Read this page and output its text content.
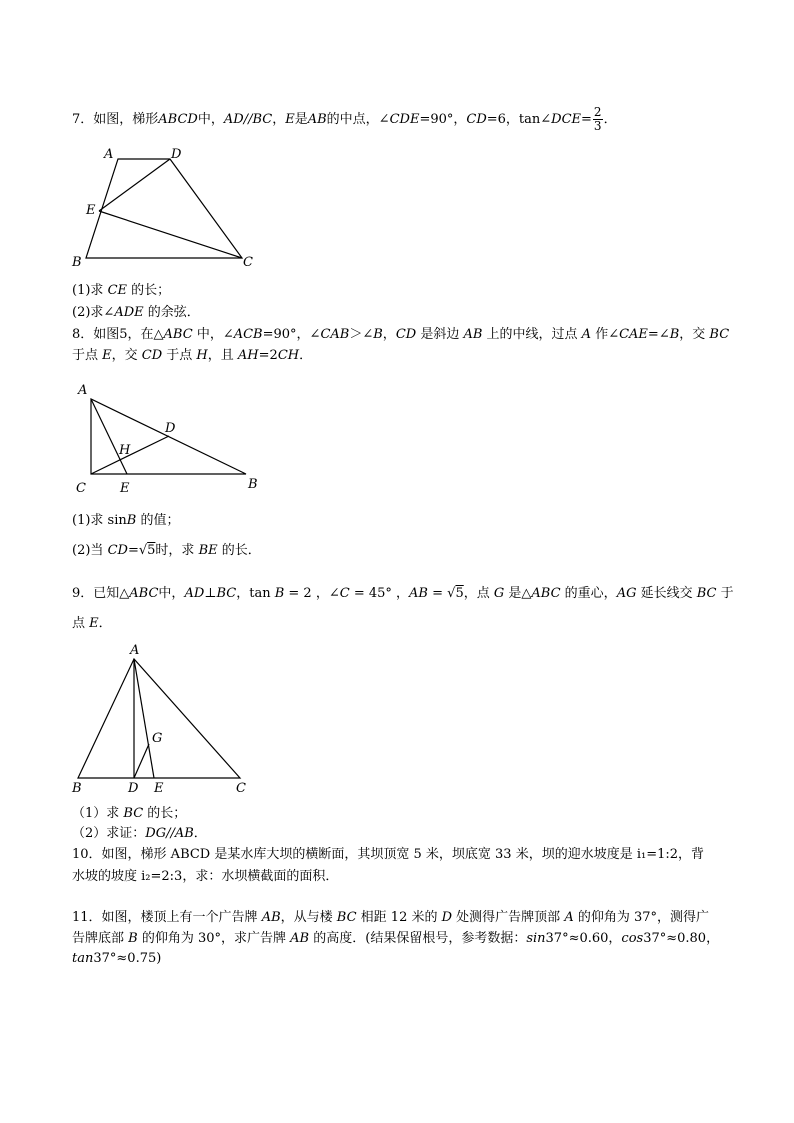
7．如图，梯形ABCD中，AD//BC，E是AB的中点，∠CDE=90°，CD=6，tan∠DCE= $\frac{2}{3}$ ．
A	D
E
B	C
(1)求 CE 的长；
(2)求∠ADE 的余弦．
8．如图5，在△ABC 中，∠ACB=90°，∠CAB＞∠B，CD 是斜边 AB 上的中线，过点 A 作∠CAE=∠B，交 BC
于点 E，交 CD 于点 H，且 AH=2CH．
A
D
H
C	E	B
(1)求 sinB 的值；
(2)当 CD=√5时，求 BE 的长．
9．已知△ABC中，AD⊥BC，tan B = 2 ，∠C = 45° ，AB = √5，点 G 是△ABC 的重心，AG 延长线交 BC 于
点 E．
A
G
B	D E	C
（1）求 BC 的长；
（2）求证：DG//AB．
10．如图，梯形 ABCD 是某水库大坝的横断面，其坝顶宽 5 米，坝底宽 33 米，坝的迎水坡度是 i₁=1:2，背
水坡的坡度 i₂=2:3，求：水坝横截面的面积．
11．如图，楼顶上有一个广告牌 AB，从与楼 BC 相距 12 米的 D 处测得广告牌顶部 A 的仰角为 37°，测得广
告牌底部 B 的仰角为 30°，求广告牌 AB 的高度．(结果保留根号，参考数据：sin37°≈0.60，cos37°≈0.80，
tan37°≈0.75)
